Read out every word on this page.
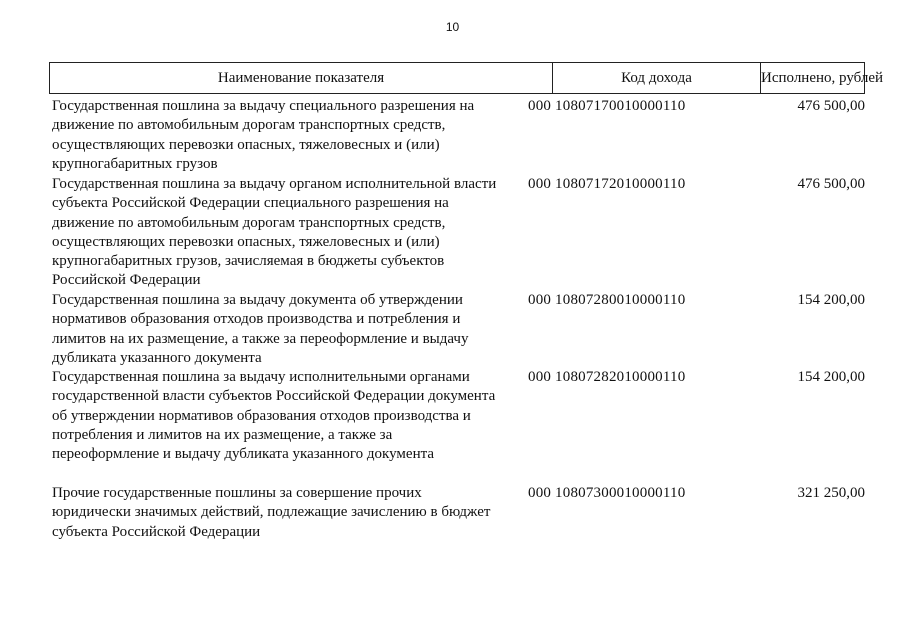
10
Наименование показателя	Код дохода	Исполнено, рублей
Государственная пошлина за выдачу специального разрешения на
движение по автомобильным дорогам транспортных средств,
осуществляющих перевозки опасных, тяжеловесных и (или)
крупногабаритных грузов
000 10807170010000110	476 500,00
Государственная пошлина за выдачу органом исполнительной власти
субъекта Российской Федерации специального разрешения на
движение по автомобильным дорогам транспортных средств,
осуществляющих перевозки опасных, тяжеловесных и (или)
крупногабаритных грузов, зачисляемая в бюджеты субъектов
Российской Федерации
000 10807172010000110	476 500,00
Государственная пошлина за выдачу документа об утверждении
нормативов образования отходов производства и потребления и
лимитов на их размещение, а также за переоформление и выдачу
дубликата указанного документа
000 10807280010000110	154 200,00
Государственная пошлина за выдачу исполнительными органами
государственной власти субъектов Российской Федерации документа
об утверждении нормативов образования отходов производства и
потребления и лимитов на их размещение, а также за
переоформление и выдачу дубликата указанного документа
000 10807282010000110	154 200,00
Прочие государственные пошлины за совершение прочих
юридически значимых действий, подлежащие зачислению в бюджет
субъекта Российской Федерации
000 10807300010000110	321 250,00
